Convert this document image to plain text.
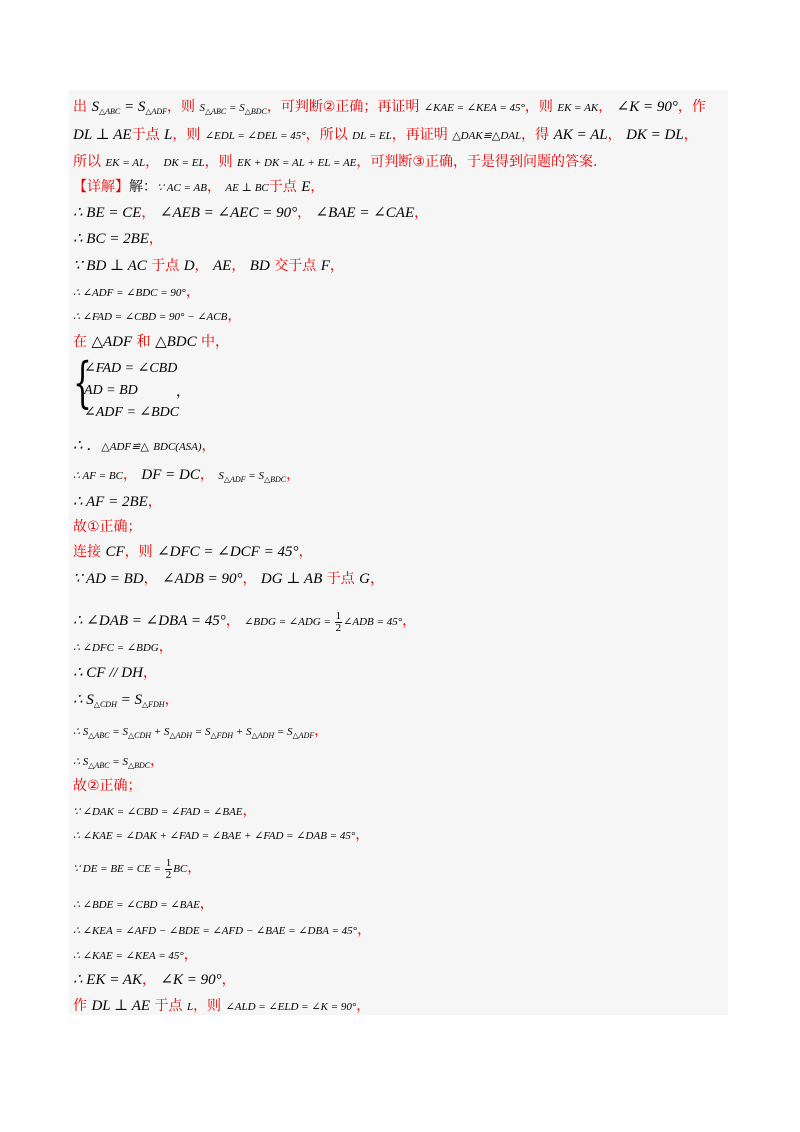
出 $S_{\triangle ABC} = S_{\triangle ADF}$，则 $S_{\triangle ABC} = S_{\triangle BDC}$，可判断②正确；再证明 ∠KAE = ∠KEA = 45°，则 EK = AK， ∠K = 90°，作
DL ⊥ AE于点 L，则 ∠EDL = ∠DEL = 45°，所以 DL = EL，再证明 △DAK≌△DAL，得 AK = AL， DK = DL，
所以 EK = AL， DK = EL，则 EK + DK = AL + EL = AE，可判断③正确，于是得到问题的答案.
【详解】解：∵ AC = AB， AE ⊥ BC于点 E，
∴ BE = CE， ∠AEB = ∠AEC = 90°， ∠BAE = ∠CAE，
∴ BC = 2BE，
∵ BD ⊥ AC 于点 D， AE， BD 交于点 F，
∴ ∠ADF = ∠BDC = 90°，
∴ ∠FAD = ∠CBD = 90° − ∠ACB，
在 △ADF 和 △BDC 中，
∴ ．△ADF≌△ BDC(ASA)，
∴ AF = BC， DF = DC， $S_{\triangle ADF} = S_{\triangle BDC}$，
∴ AF = 2BE，
故①正确；
连接 CF，则 ∠DFC = ∠DCF = 45°，
∵ AD = BD， ∠ADB = 90°， DG ⊥ AB 于点 G，
∴ ∠DAB = ∠DBA = 45°， ∠BDG = ∠ADG = $\frac{1}{2}$ ∠ADB = 45°，
∴ ∠DFC = ∠BDG，
∴ CF // DH，
∴ $S_{\triangle CDH} = S_{\triangle FDH}$，
∴ $S_{\triangle ABC} = S_{\triangle CDH} + S_{\triangle ADH} = S_{\triangle FDH} + S_{\triangle ADH} = S_{\triangle ADF}$，
∴ $S_{\triangle ABC} = S_{\triangle BDC}$，
故②正确；
∵ ∠DAK = ∠CBD = ∠FAD = ∠BAE，
∴ ∠KAE = ∠DAK + ∠FAD = ∠BAE + ∠FAD = ∠DAB = 45°，
∵ DE = BE = CE = $\frac{1}{2}$ BC，
∴ ∠BDE = ∠CBD = ∠BAE，
∴ ∠KEA = ∠AFD − ∠BDE = ∠AFD − ∠BAE = ∠DBA = 45°，
∴ ∠KAE = ∠KEA = 45°，
∴ EK = AK， ∠K = 90°，
作 DL ⊥ AE 于点 L，则 ∠ALD = ∠ELD = ∠K = 90°，
{
∠FAD = ∠CBD
AD = BD
∠ADF = ∠BDC
，
